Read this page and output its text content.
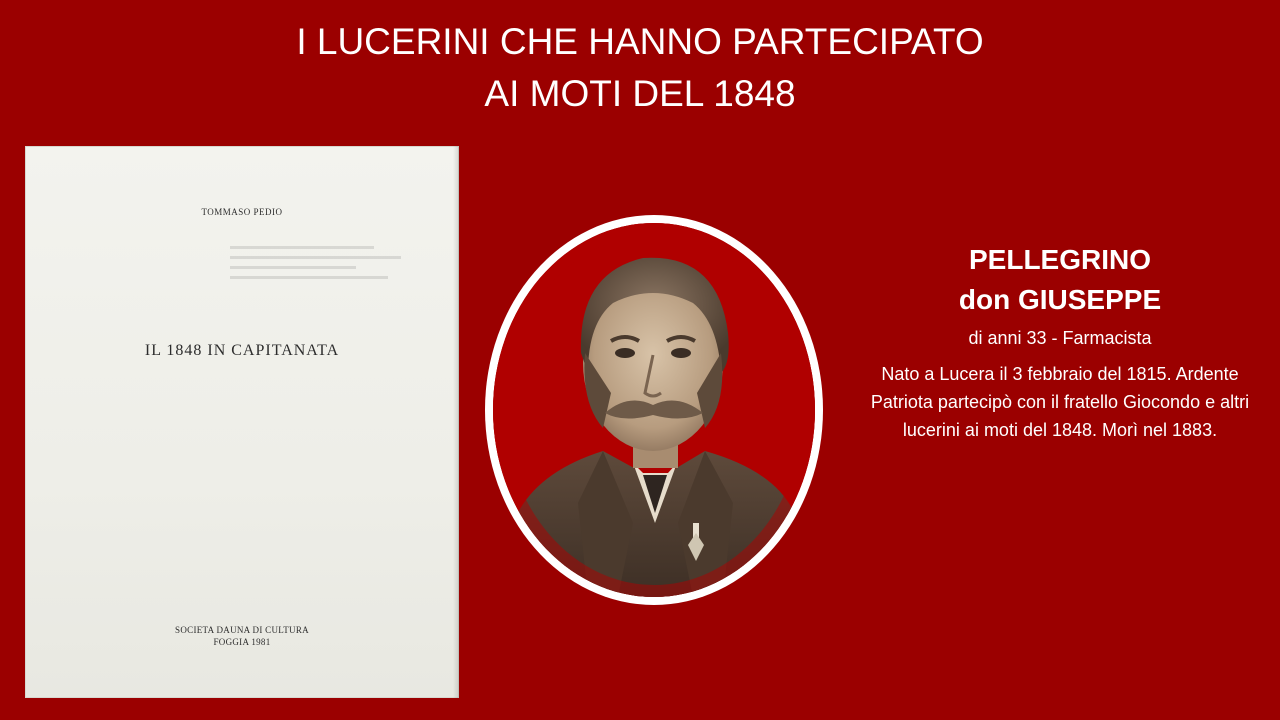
I LUCERINI CHE HANNO PARTECIPATO
AI MOTI DEL 1848
TOMMASO PEDIO
IL 1848 IN CAPITANATA
SOCIETA DAUNA DI CULTURA
FOGGIA 1981
PELLEGRINO
don GIUSEPPE
di anni 33 - Farmacista
Nato a Lucera il 3 febbraio del 1815. Ardente Patriota partecipò con il fratello Giocondo e altri lucerini ai moti del 1848. Morì nel 1883.
